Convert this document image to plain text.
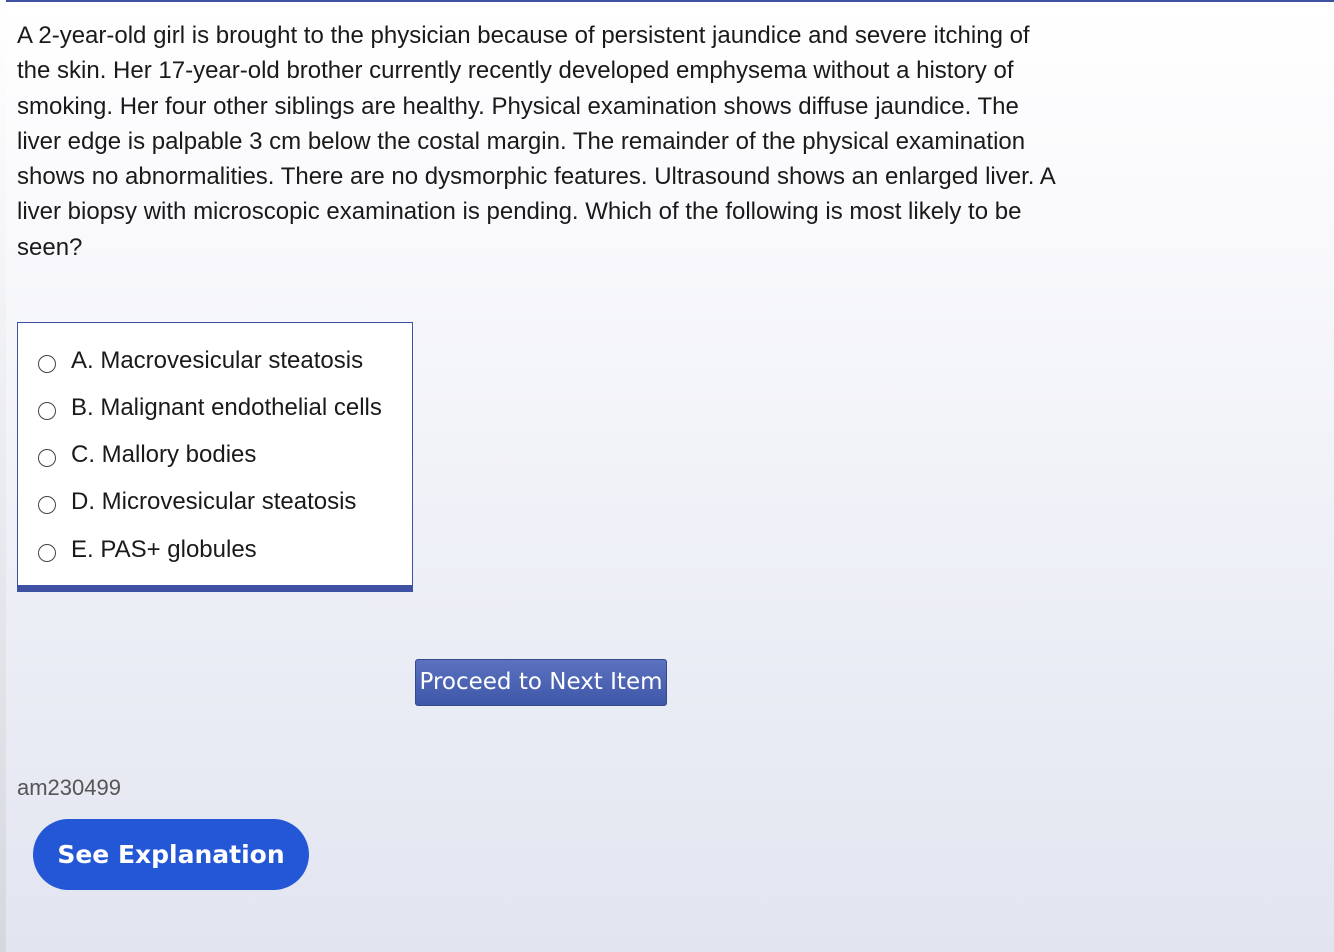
A 2-year-old girl is brought to the physician because of persistent jaundice and severe itching of the skin. Her 17-year-old brother currently recently developed emphysema without a history of smoking. Her four other siblings are healthy. Physical examination shows diffuse jaundice. The liver edge is palpable 3 cm below the costal margin. The remainder of the physical examination shows no abnormalities. There are no dysmorphic features. Ultrasound shows an enlarged liver. A liver biopsy with microscopic examination is pending. Which of the following is most likely to be seen?

A. Macrovesicular steatosis
B. Malignant endothelial cells
C. Mallory bodies
D. Microvesicular steatosis
E. PAS+ globules
Proceed to Next Item
am230499
See Explanation
